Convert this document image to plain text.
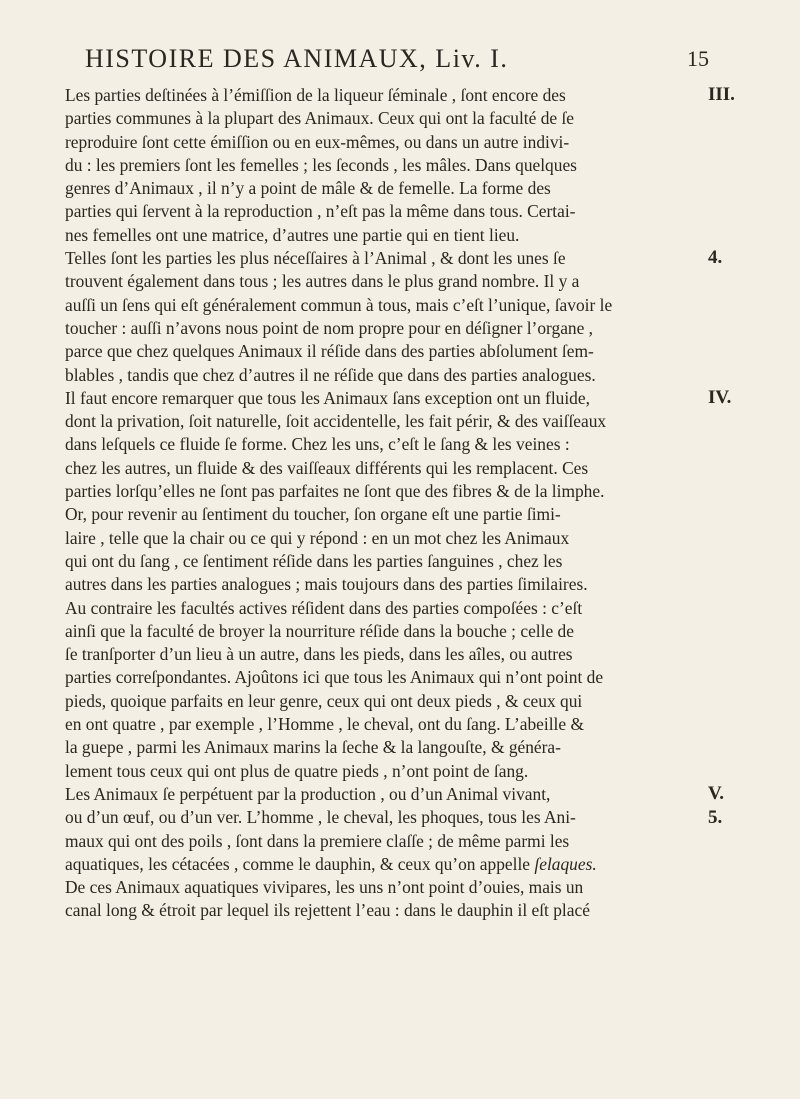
HISTOIRE DES ANIMAUX, Liv. I.	15
Les parties deſtinées à l’émiſſion de la liqueur ſéminale , ſont encore des
parties communes à la plupart des Animaux. Ceux qui ont la faculté de ſe
reproduire ſont cette émiſſion ou en eux-mêmes, ou dans un autre indivi-
du : les premiers ſont les femelles ; les ſeconds , les mâles. Dans quelques
genres d’Animaux , il n’y a point de mâle & de femelle. La forme des
parties qui ſervent à la reproduction , n’eſt pas la même dans tous. Certai-
nes femelles ont une matrice, d’autres une partie qui en tient lieu.
Telles ſont les parties les plus néceſſaires à l’Animal , & dont les unes ſe
trouvent également dans tous ; les autres dans le plus grand nombre. Il y a
auſſi un ſens qui eſt généralement commun à tous, mais c’eſt l’unique, ſavoir le
toucher : auſſi n’avons nous point de nom propre pour en déſigner l’organe ,
parce que chez quelques Animaux il réſide dans des parties abſolument ſem-
blables , tandis que chez d’autres il ne réſide que dans des parties analogues.
Il faut encore remarquer que tous les Animaux ſans exception ont un fluide,
dont la privation, ſoit naturelle, ſoit accidentelle, les fait périr, & des vaiſſeaux
dans leſquels ce fluide ſe forme. Chez les uns, c’eſt le ſang & les veines :
chez les autres, un fluide & des vaiſſeaux différents qui les remplacent. Ces
parties lorſqu’elles ne ſont pas parfaites ne ſont que des fibres & de la limphe.
Or, pour revenir au ſentiment du toucher, ſon organe eſt une partie ſimi-
laire , telle que la chair ou ce qui y répond : en un mot chez les Animaux
qui ont du ſang , ce ſentiment réſide dans les parties ſanguines , chez les
autres dans les parties analogues ; mais toujours dans des parties ſimilaires.
Au contraire les facultés actives réſident dans des parties compoſées : c’eſt
ainſi que la faculté de broyer la nourriture réſide dans la bouche ; celle de
ſe tranſporter d’un lieu à un autre, dans les pieds, dans les aîles, ou autres
parties correſpondantes. Ajoûtons ici que tous les Animaux qui n’ont point de
pieds, quoique parfaits en leur genre, ceux qui ont deux pieds , & ceux qui
en ont quatre , par exemple , l’Homme , le cheval, ont du ſang. L’abeille &
la guepe , parmi les Animaux marins la ſeche & la langouſte, & généra-
lement tous ceux qui ont plus de quatre pieds , n’ont point de ſang.
Les Animaux ſe perpétuent par la production , ou d’un Animal vivant,
ou d’un œuf, ou d’un ver. L’homme , le cheval, les phoques, tous les Ani-
maux qui ont des poils , ſont dans la premiere claſſe ; de même parmi les
aquatiques, les cétacées , comme le dauphin, & ceux qu’on appelle ſelaques.
De ces Animaux aquatiques vivipares, les uns n’ont point d’ouies, mais un
canal long & étroit par lequel ils rejettent l’eau : dans le dauphin il eſt placé
III.
4.
IV.
V.
5.
